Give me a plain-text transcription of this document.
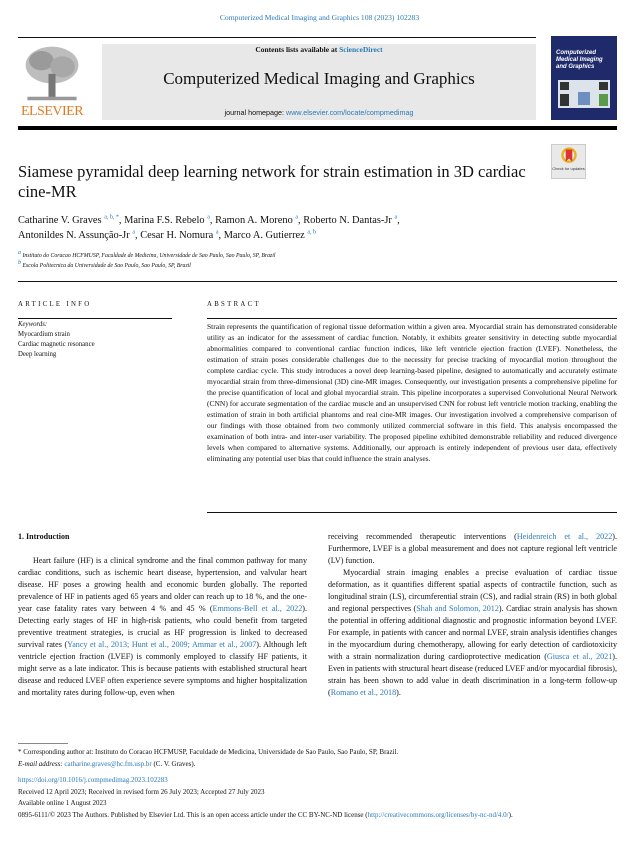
Computerized Medical Imaging and Graphics 108 (2023) 102283
ELSEVIER
Contents lists available at ScienceDirect
Computerized Medical Imaging and Graphics
journal homepage: www.elsevier.com/locate/compmedimag
Computerized Medical Imaging and Graphics
Check for updates
Siamese pyramidal deep learning network for strain estimation in 3D cardiac cine-MR
Catharine V. Graves $^{a, b, *}$, Marina F.S. Rebelo $^a$, Ramon A. Moreno $^a$, Roberto N. Dantas-Jr $^a$,
Antonildes N. Assunção-Jr $^a$, Cesar H. Nomura $^a$, Marco A. Gutierrez $^{a, b}$
$^a$ Instituto do Coracao HCFMUSP, Faculdade de Medicina, Universidade de Sao Paulo, Sao Paulo, SP, Brazil
$^b$ Escola Politecnica da Universidade de Sao Paulo, Sao Paulo, SP, Brazil
ARTICLE INFO	ABSTRACT
Keywords:
Myocardium strain
Cardiac magnetic resonance
Deep learning
Strain represents the quantification of regional tissue deformation within a given area. Myocardial strain has demonstrated considerable utility as an indicator for the assessment of cardiac function. Notably, it exhibits greater sensitivity in detecting subtle myocardial abnormalities compared to conventional cardiac function indices, like left ventricle ejection fraction (LVEF). Nonetheless, the estimation of strain poses considerable challenges due to the necessity for precise tracking of myocardial motion throughout the complete cardiac cycle. This study introduces a novel deep learning-based pipeline, designed to automatically and accurately estimate myocardial strain from three-dimensional (3D) cine-MR images. Consequently, our investigation presents a comprehensive pipeline for the precise quantification of local and global myocardial strain. This pipeline incorporates a supervised Convolutional Neural Network (CNN) for accurate segmentation of the cardiac muscle and an unsupervised CNN for robust left ventricle motion tracking, enabling the estimation of strain in both artificial phantoms and real cine-MR images. Our investigation involved a comprehensive comparison of our findings with those obtained from two commonly utilized commercial software in this field. This analysis encompassed the examination of both intra- and inter-user variability. The proposed pipeline exhibited demonstrable reliability and reduced divergence levels when compared to alternative systems. Additionally, our approach is entirely independent of previous user data, effectively eliminating any potential user bias that could influence the strain analyses.
1. Introduction

Heart failure (HF) is a clinical syndrome and the final common pathway for many cardiac conditions, such as ischemic heart disease, hypertension, and valvular heart disease. HF poses a growing health and economic burden globally. The reported prevalence of HF in patients aged 65 years and older can reach up to 18 %, and the one-year case fatality rates vary between 4 % and 45 % (Emmons-Bell et al., 2022). Detecting early stages of HF in high-risk patients, who could benefit from targeted preventive treatment strategies, is crucial as HF progression is linked to decreased survival rates (Yancy et al., 2013; Hunt et al., 2009; Ammar et al., 2007). Although left ventricle ejection fraction (LVEF) is commonly employed to classify HF patients, it might serve as a late indicator. This is because patients with established structural heart disease and reduced LVEF often experience severe symptoms and higher hospitalization and mortality rates during follow-up, even when

receiving recommended therapeutic interventions (Heidenreich et al., 2022). Furthermore, LVEF is a global measurement and does not capture regional left ventricle (LV) function.

Myocardial strain imaging enables a precise evaluation of cardiac tissue deformation, as it quantifies different spatial aspects of contractile function, such as longitudinal strain (LS), circumferential strain (CS), and radial strain (RS) in both global and regional perspectives (Shah and Solomon, 2012). Cardiac strain analysis has shown the potential in offering additional diagnostic and prognostic information beyond LVEF. For example, in patients with cancer and normal LVEF, strain analysis identifies changes in the myocardium during chemotherapy, allowing for early detection of cardiotoxicity with a strain normalization during cardioprotective medication (Giusca et al., 2021). Even in patients with structural heart disease (reduced LVEF and/or myocardial fibrosis), strain has been shown to add value in death discrimination in a long-term follow-up (Romano et al., 2018).

* Corresponding author at: Instituto do Coracao HCFMUSP, Faculdade de Medicina, Universidade de Sao Paulo, Sao Paulo, SP, Brazil.
E-mail address: catharine.graves@hc.fm.usp.br (C. V. Graves).
https://doi.org/10.1016/j.compmedimag.2023.102283
Received 12 April 2023; Received in revised form 26 July 2023; Accepted 27 July 2023
Available online 1 August 2023
0895-6111/© 2023 The Authors. Published by Elsevier Ltd. This is an open access article under the CC BY-NC-ND license (http://creativecommons.org/licenses/by-nc-nd/4.0/).
